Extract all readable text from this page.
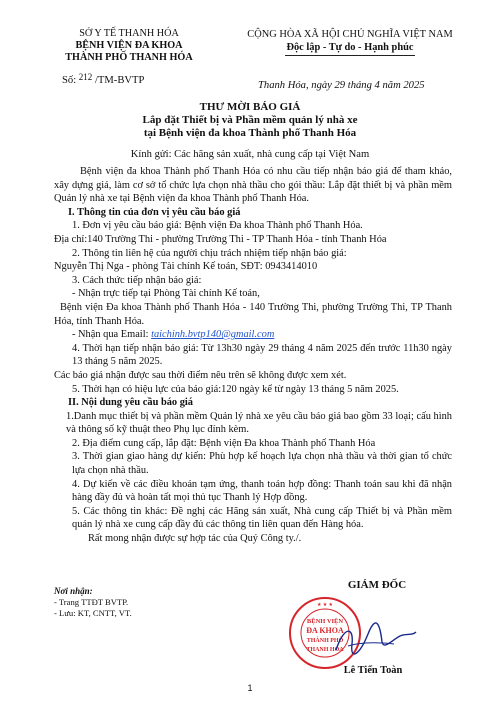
SỞ Y TẾ THANH HÓA
BỆNH VIỆN ĐA KHOA
THÀNH PHỐ THANH HÓA
CỘNG HÒA XÃ HỘI CHỦ NGHĨA VIỆT NAM
Độc lập - Tự do - Hạnh phúc
Số: $^{212}$ /TM-BVTP	Thanh Hóa, ngày 29 tháng 4 năm 2025
THƯ MỜI BÁO GIÁ
Lắp đặt Thiết bị và Phần mềm quản lý nhà xe
tại Bệnh viện đa khoa Thành phố Thanh Hóa
Kính gửi: Các hãng sản xuất, nhà cung cấp tại Việt Nam

Bệnh viện đa khoa Thành phố Thanh Hóa có nhu cầu tiếp nhận báo giá để tham khảo, xây dựng giá, làm cơ sở tổ chức lựa chọn nhà thầu cho gói thầu: Lắp đặt thiết bị và phần mềm Quản lý nhà xe tại Bệnh viện đa khoa Thành phố Thanh Hóa.

I. Thông tin của đơn vị yêu cầu báo giá

1. Đơn vị yêu cầu báo giá: Bệnh viện Đa khoa Thành phố Thanh Hóa.

Địa chỉ:140 Trường Thi - phường Trường Thi - TP Thanh Hóa - tỉnh Thanh Hóa

2. Thông tin liên hệ của người chịu trách nhiệm tiếp nhận báo giá:

Nguyễn Thị Nga - phòng Tài chính Kế toán, SĐT: 0943414010

3. Cách thức tiếp nhận báo giá:

- Nhận trực tiếp tại Phòng Tài chính Kế toán,

Bệnh viện Đa khoa Thành phố Thanh Hóa - 140 Trường Thi, phường Trường Thi, TP Thanh Hóa, tỉnh Thanh Hóa.

- Nhận qua Email: taichinh.bvtp140@gmail.com

4. Thời hạn tiếp nhận báo giá: Từ 13h30 ngày 29 tháng 4 năm 2025 đến trước 11h30 ngày 13 tháng 5 năm 2025.

Các báo giá nhận được sau thời điểm nêu trên sẽ không được xem xét.

5. Thời hạn có hiệu lực của báo giá:120 ngày kể từ ngày 13 tháng 5 năm 2025.

II. Nội dung yêu cầu báo giá

1.Danh mục thiết bị và phần mềm Quản lý nhà xe yêu cầu báo giá bao gồm 33 loại; cấu hình và thông số kỹ thuật theo Phụ lục đính kèm.

2. Địa điểm cung cấp, lắp đặt: Bệnh viện Đa khoa Thành phố Thanh Hóa

3. Thời gian giao hàng dự kiến: Phù hợp kế hoạch lựa chọn nhà thầu và thời gian tổ chức lựa chọn nhà thầu.

4. Dự kiến về các điều khoản tạm ứng, thanh toán hợp đồng: Thanh toán sau khi đã nhận hàng đầy đủ và hoàn tất mọi thủ tục Thanh lý Hợp đồng.

5. Các thông tin khác: Đề nghị các Hãng sản xuất, Nhà cung cấp Thiết bị và Phần mềm quản lý nhà xe cung cấp đầy đủ các thông tin liên quan đến Hàng hóa.

Rất mong nhận được sự hợp tác của Quý Công ty./.

Nơi nhận:
- Trang TTĐT BVTP.
- Lưu: KT, CNTT, VT.
GIÁM ĐỐC
BỆNH VIỆN
ĐA KHOA
THÀNH PHỐ
THANH HÓA
★ ★ ★
Lê Tiến Toàn
1
